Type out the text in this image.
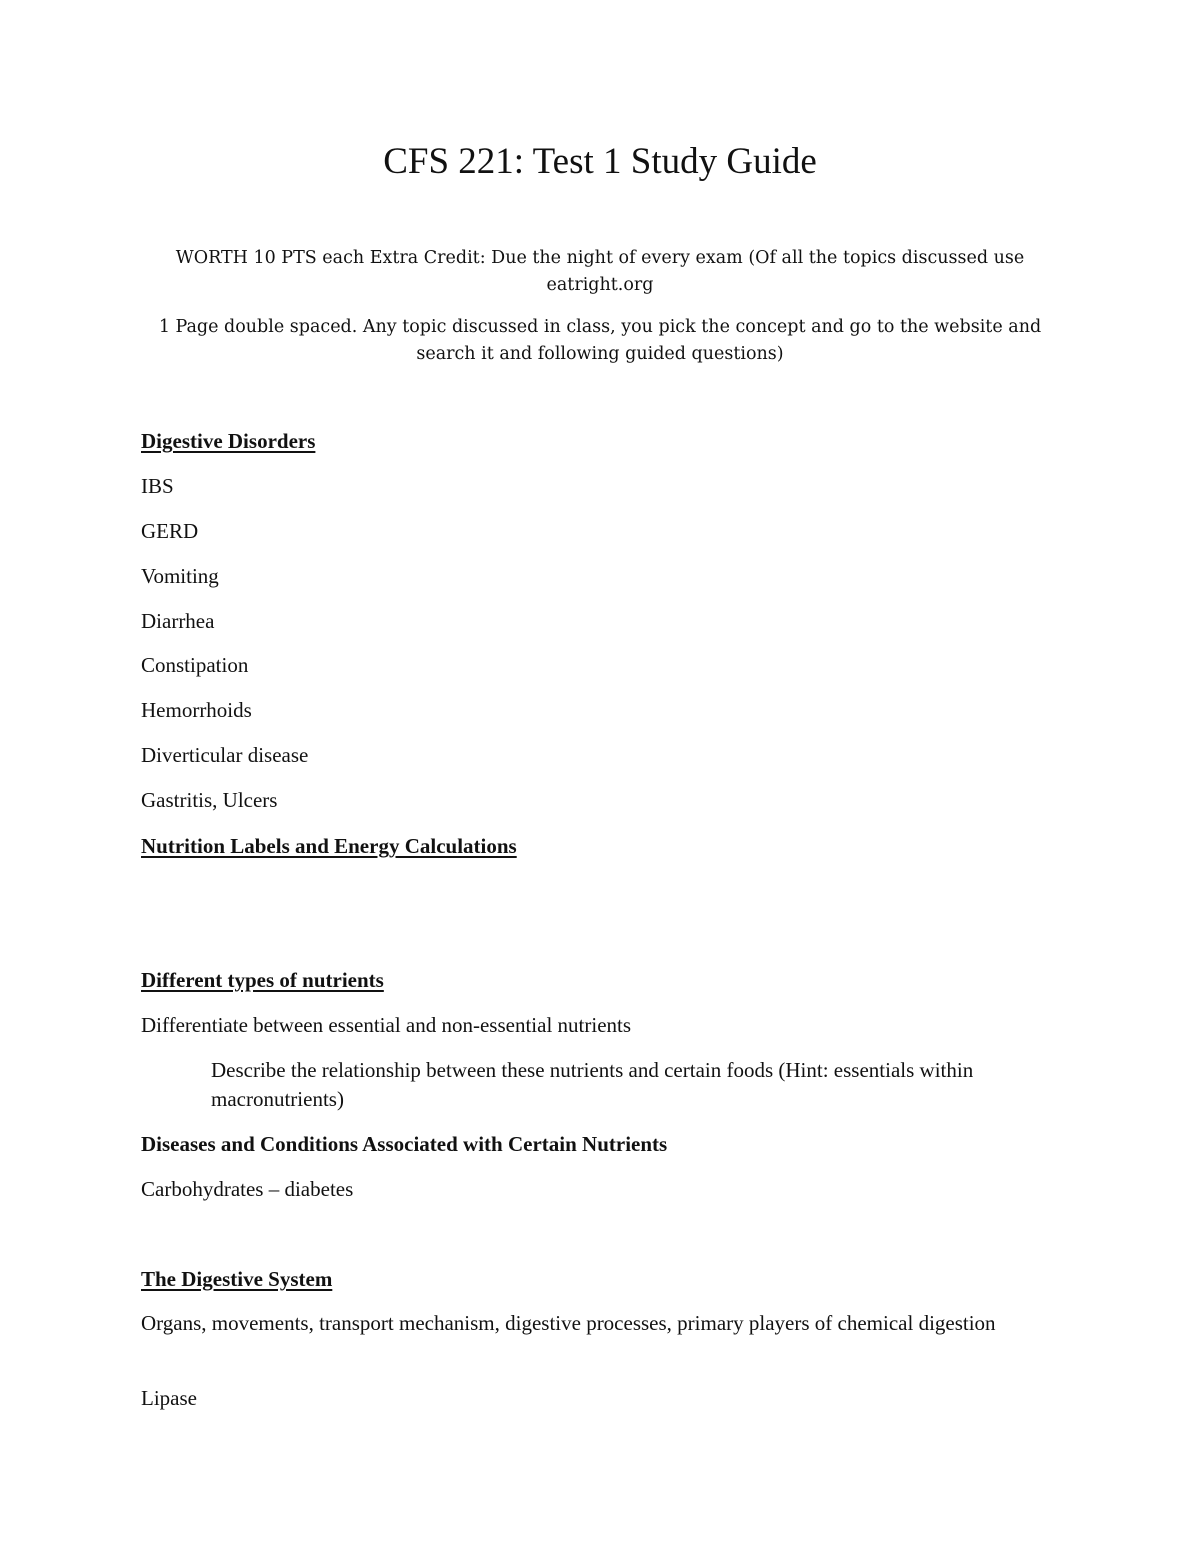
CFS 221: Test 1 Study Guide

WORTH 10 PTS each Extra Credit: Due the night of every exam (Of all the topics discussed use eatright.org

1 Page double spaced. Any topic discussed in class, you pick the concept and go to the website and search it and following guided questions)

Digestive Disorders

IBS

GERD

Vomiting

Diarrhea

Constipation

Hemorrhoids

Diverticular disease

Gastritis, Ulcers

Nutrition Labels and Energy Calculations

Different types of nutrients

Differentiate between essential and non-essential nutrients

Describe the relationship between these nutrients and certain foods (Hint: essentials within macronutrients)

Diseases and Conditions Associated with Certain Nutrients

Carbohydrates – diabetes

The Digestive System

Organs, movements, transport mechanism, digestive processes, primary players of chemical digestion

Lipase
